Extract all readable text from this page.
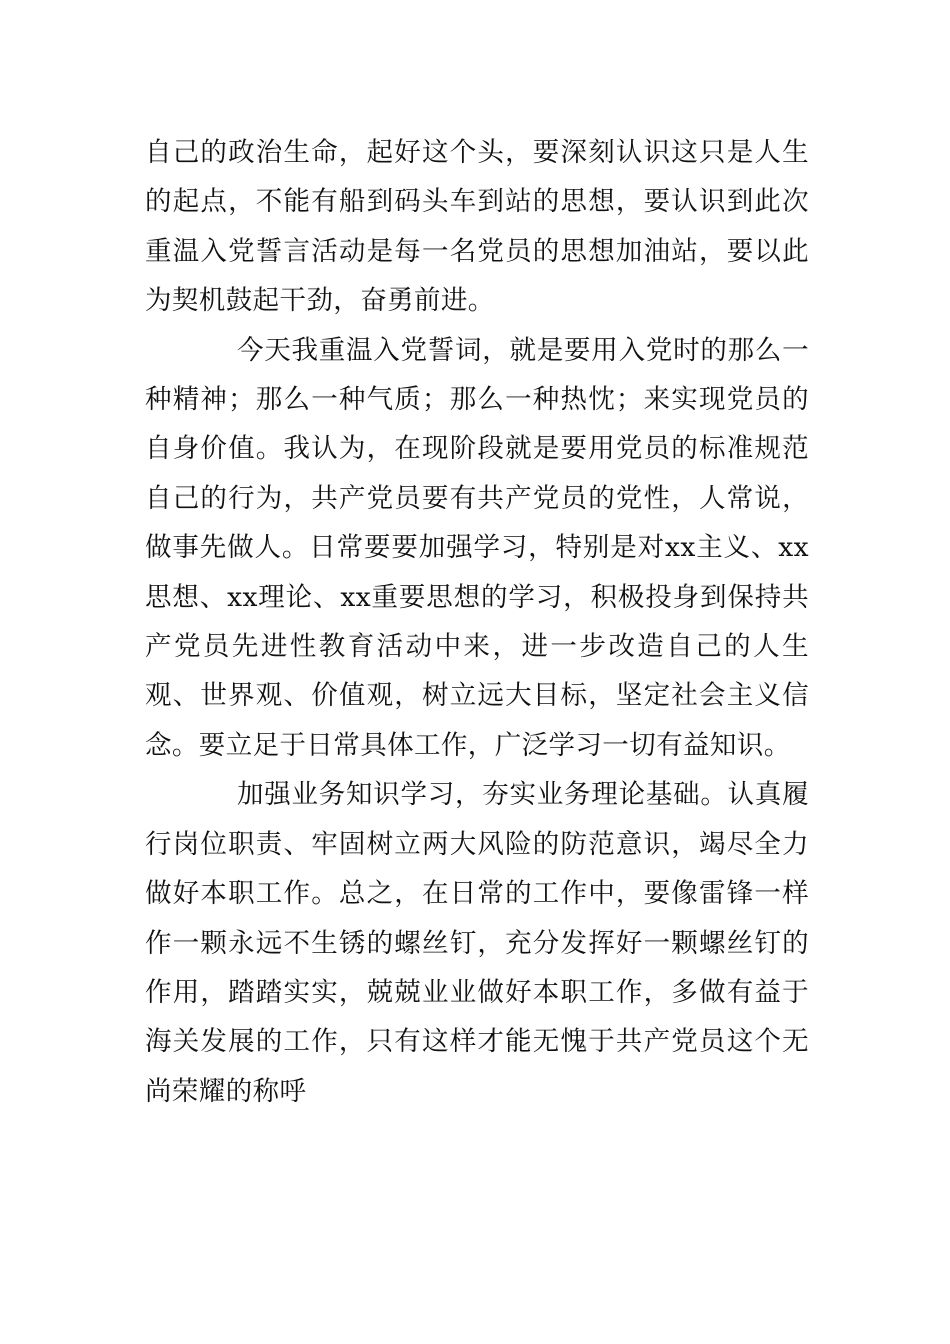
自己的政治生命，起好这个头，要深刻认识这只是人生的起点，不能有船到码头车到站的思想，要认识到此次重温入党誓言活动是每一名党员的思想加油站，要以此为契机鼓起干劲，奋勇前进。

今天我重温入党誓词，就是要用入党时的那么一种精神；那么一种气质；那么一种热忱；来实现党员的自身价值。我认为，在现阶段就是要用党员的标准规范自己的行为，共产党员要有共产党员的党性，人常说，做事先做人。日常要要加强学习，特别是对xx主义、xx思想、xx理论、xx重要思想的学习，积极投身到保持共产党员先进性教育活动中来，进一步改造自己的人生观、世界观、价值观，树立远大目标，坚定社会主义信念。要立足于日常具体工作，广泛学习一切有益知识。

加强业务知识学习，夯实业务理论基础。认真履行岗位职责、牢固树立两大风险的防范意识，竭尽全力做好本职工作。总之，在日常的工作中，要像雷锋一样作一颗永远不生锈的螺丝钉，充分发挥好一颗螺丝钉的作用，踏踏实实，兢兢业业做好本职工作，多做有益于海关发展的工作，只有这样才能无愧于共产党员这个无尚荣耀的称呼
